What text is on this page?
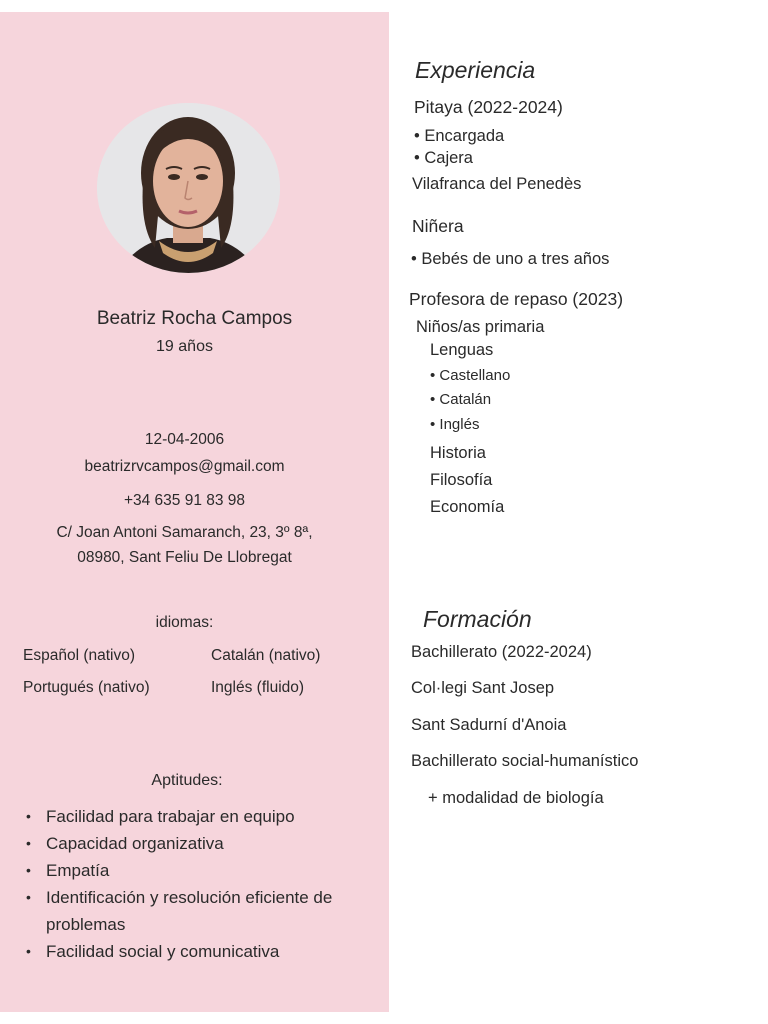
Beatriz Rocha Campos
19 años
12-04-2006
beatrizrvcampos@gmail.com
+34 635 91 83 98
C/ Joan Antoni Samaranch, 23, 3º 8ª,
08980, Sant Feliu De Llobregat
idiomas:
Español (nativo)	Catalán (nativo)
Portugués (nativo)	Inglés (fluido)
Aptitudes:
• Facilidad para trabajar en equipo
• Capacidad organizativa
• Empatía
• Identificación y resolución eficiente de problemas
• Facilidad social y comunicativa
Experiencia
Pitaya (2022-2024)
• Encargada
• Cajera
Vilafranca del Penedès
Niñera
• Bebés de uno a tres años
Profesora de repaso (2023)
Niños/as primaria
Lenguas
• Castellano
• Catalán
• Inglés
Historia
Filosofía
Economía
Formación
Bachillerato (2022-2024)
Col·legi Sant Josep
Sant Sadurní d'Anoia
Bachillerato social-humanístico
+ modalidad de biología
